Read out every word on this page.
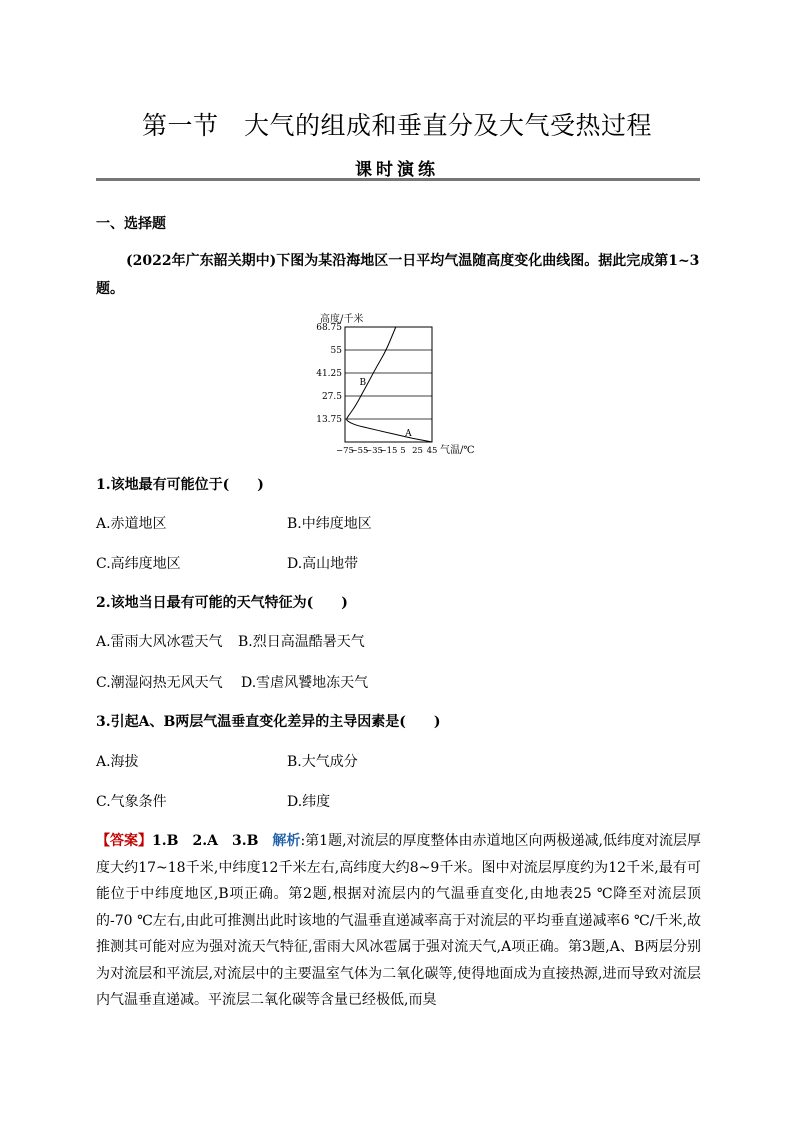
第一节　大气的组成和垂直分及大气受热过程
课时演练
一、选择题
(2022年广东韶关期中)下图为某沿海地区一日平均气温随高度变化曲线图。据此完成第1~3题。
高度/千米
气温/℃
68.75
55
41.25
27.5
13.75
−75
−55
−35
−15 5 25 45
B
A
1.该地最有可能位于(　　)
A.赤道地区	B.中纬度地区
C.高纬度地区	D.高山地带
2.该地当日最有可能的天气特征为(　　)
A.雷雨大风冰雹天气 B.烈日高温酷暑天气
C.潮湿闷热无风天气 D.雪虐风饕地冻天气
3.引起A、B两层气温垂直变化差异的主导因素是(　　)
A.海拔	B.大气成分
C.气象条件	D.纬度
【答案】1.B　2.A　3.B　 解析:第1题,对流层的厚度整体由赤道地区向两极递减,低纬度对流层厚度大约17~18千米,中纬度12千米左右,高纬度大约8~9千米。图中对流层厚度约为12千米,最有可能位于中纬度地区,B项正确。第2题,根据对流层内的气温垂直变化,由地表25 ℃降至对流层顶的-70 ℃左右,由此可推测出此时该地的气温垂直递减率高于对流层的平均垂直递减率6 ℃/千米,故推测其可能对应为强对流天气特征,雷雨大风冰雹属于强对流天气,A项正确。第3题,A、B两层分别为对流层和平流层,对流层中的主要温室气体为二氧化碳等,使得地面成为直接热源,进而导致对流层内气温垂直递减。平流层二氧化碳等含量已经极低,而臭
